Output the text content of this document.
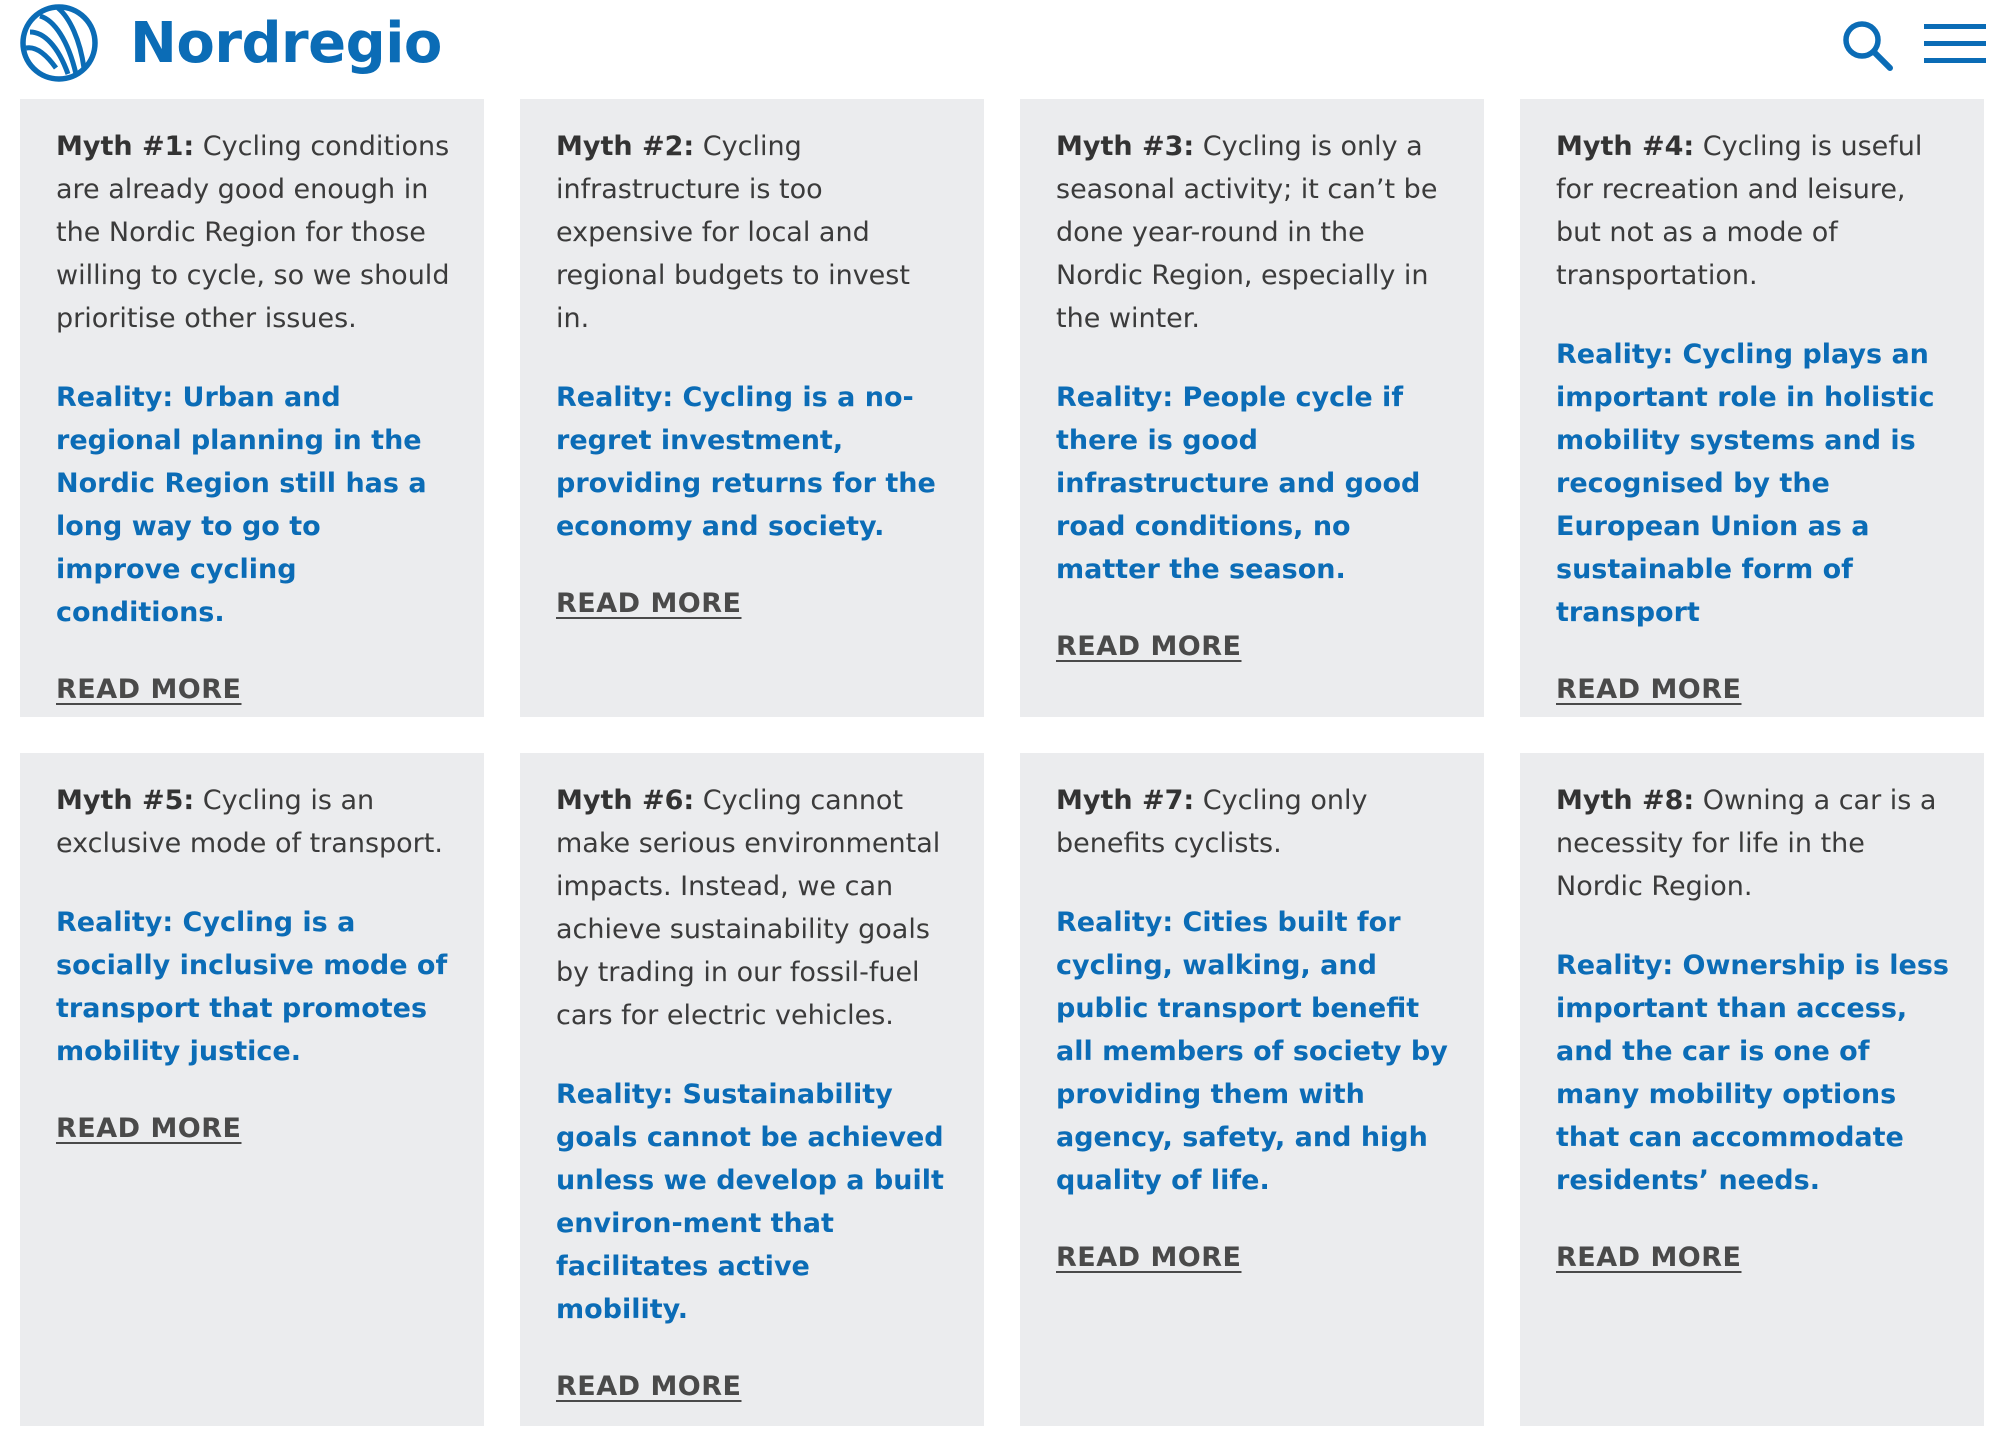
Nordregio

Myth #1: Cycling conditions are already good enough in the Nordic Region for those willing to cycle, so we should prioritise other issues.

Reality: Urban and regional planning in the Nordic Region still has a long way to go to improve cycling conditions.

READ MORE

Myth #2: Cycling infrastructure is too expensive for local and regional budgets to invest in.

Reality: Cycling is a no-regret investment, providing returns for the economy and society.

READ MORE

Myth #3: Cycling is only a seasonal activity; it can’t be done year-round in the Nordic Region, especially in the winter.

Reality: People cycle if there is good infrastructure and good road conditions, no matter the season.

READ MORE

Myth #4: Cycling is useful for recreation and leisure, but not as a mode of transportation.

Reality: Cycling plays an important role in holistic mobility systems and is recognised by the European Union as a sustainable form of transport

READ MORE

Myth #5: Cycling is an exclusive mode of transport.

Reality: Cycling is a socially inclusive mode of transport that promotes mobility justice.

READ MORE

Myth #6: Cycling cannot make serious environmental impacts. Instead, we can achieve sustainability goals by trading in our fossil-fuel cars for electric vehicles.

Reality: Sustainability goals cannot be achieved unless we develop a built environ-ment that facilitates active mobility.

READ MORE

Myth #7: Cycling only benefits cyclists.

Reality: Cities built for cycling, walking, and public transport benefit all members of society by providing them with agency, safety, and high quality of life.

READ MORE

Myth #8: Owning a car is a necessity for life in the Nordic Region.

Reality: Ownership is less important than access, and the car is one of many mobility options that can accommodate residents’ needs.

READ MORE
